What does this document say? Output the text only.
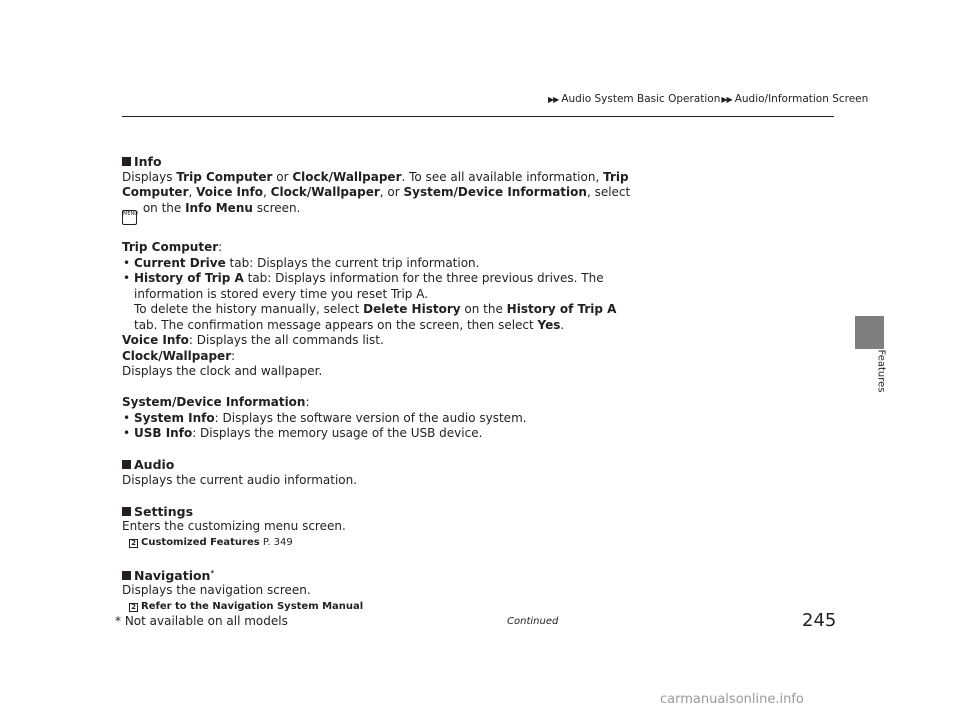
▶▶ Audio System Basic Operation▶▶ Audio/Information Screen
Features
Info
Displays Trip Computer or Clock/Wallpaper. To see all available information, Trip
Computer, Voice Info, Clock/Wallpaper, or System/Device Information, select
MENU on the Info Menu screen.
Trip Computer:
• Current Drive tab: Displays the current trip information.
• History of Trip A tab: Displays information for the three previous drives. The
information is stored every time you reset Trip A.
To delete the history manually, select Delete History on the History of Trip A
tab. The confirmation message appears on the screen, then select Yes.
Voice Info: Displays the all commands list.
Clock/Wallpaper:
Displays the clock and wallpaper.
System/Device Information:
• System Info: Displays the software version of the audio system.
• USB Info: Displays the memory usage of the USB device.
Audio
Displays the current audio information.
Settings
Enters the customizing menu screen.
2 Customized Features P. 349
Navigation*
Displays the navigation screen.
2 Refer to the Navigation System Manual
* Not available on all models	Continued	245
carmanualsonline.info
